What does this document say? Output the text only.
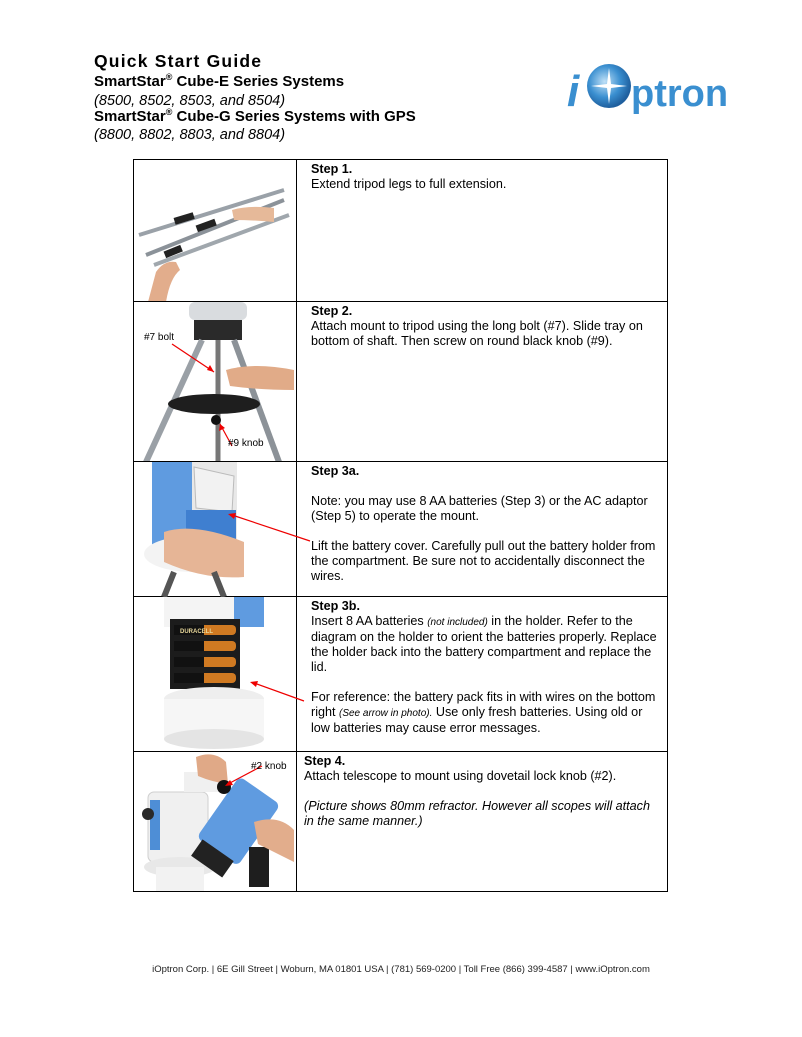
Quick Start Guide
SmartStar® Cube-E Series Systems
(8500, 8502, 8503, and 8504)
SmartStar® Cube-G Series Systems with GPS
(8800, 8802, 8803, and 8804)
i ptron
Step 1.

Extend tripod legs to full extension.

#7 bolt
#9 knob
Step 2.

Attach mount to tripod using the long bolt (#7). Slide tray on bottom of shaft. Then screw on round black knob (#9).

Step 3a.

Note: you may use 8 AA batteries (Step 3) or the AC adaptor (Step 5) to operate the mount.

Lift the battery cover. Carefully pull out the battery holder from the compartment. Be sure not to accidentally disconnect the wires.

DURACELL
Step 3b.

Insert 8 AA batteries (not included) in the holder. Refer to the diagram on the holder to orient the batteries properly. Replace the holder back into the battery compartment and replace the lid.

For reference: the battery pack fits in with wires on the bottom right (See arrow in photo). Use only fresh batteries. Using old or low batteries may cause error messages.

#2 knob Step 4.

Attach telescope to mount using dovetail lock knob (#2).

(Picture shows 80mm refractor. However all scopes will attach in the same manner.)

iOptron Corp. | 6E Gill Street | Woburn, MA 01801 USA | (781) 569-0200 | Toll Free (866) 399-4587 | www.iOptron.com
